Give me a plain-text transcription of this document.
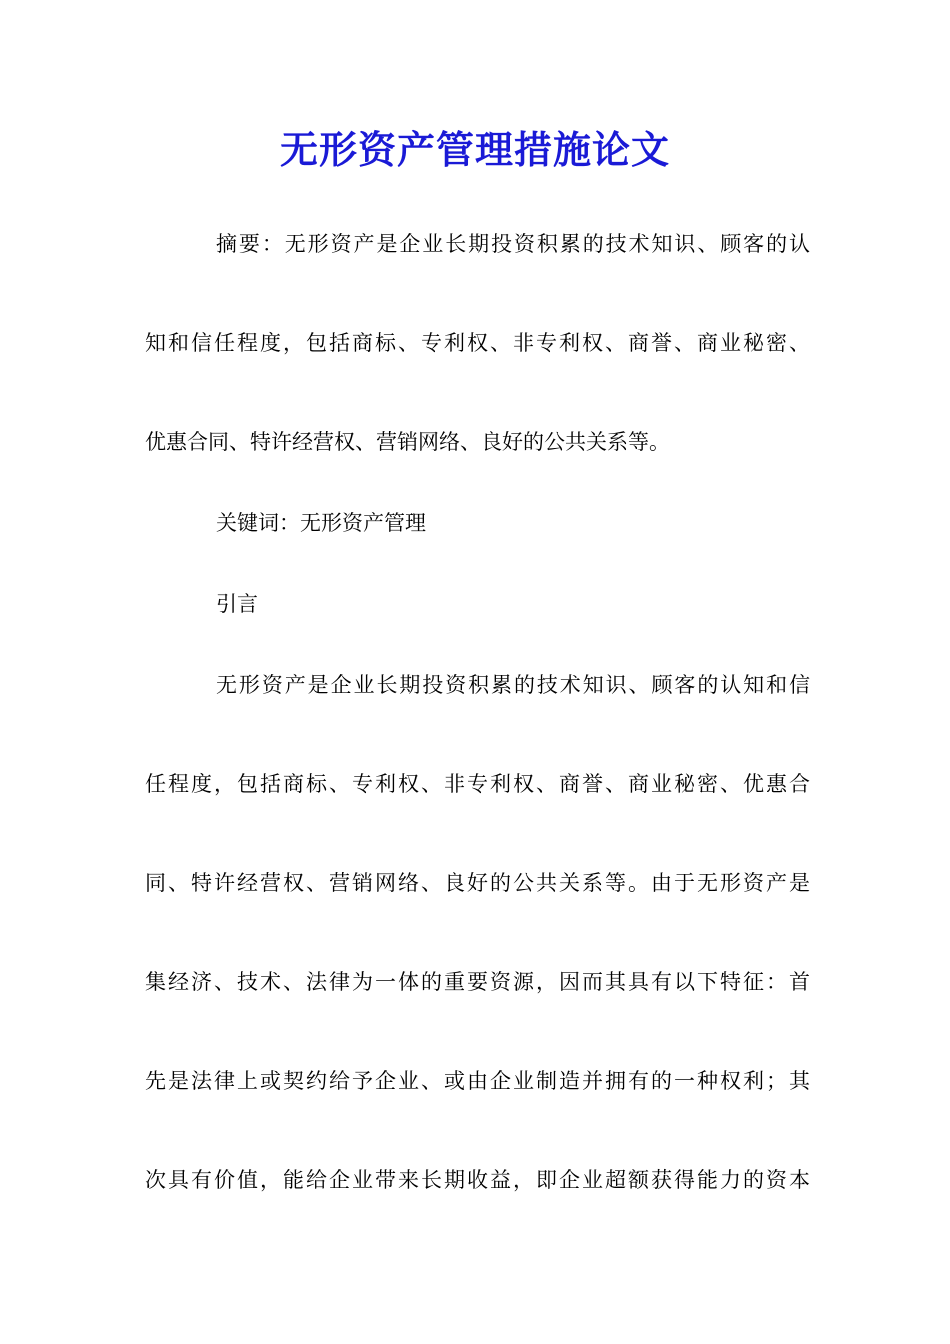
无形资产管理措施论文

摘要：无形资产是企业长期投资积累的技术知识、顾客的认

知和信任程度，包括商标、专利权、非专利权、商誉、商业秘密、

优惠合同、特许经营权、营销网络、良好的公共关系等。

关键词：无形资产管理

引言

无形资产是企业长期投资积累的技术知识、顾客的认知和信

任程度，包括商标、专利权、非专利权、商誉、商业秘密、优惠合

同、特许经营权、营销网络、良好的公共关系等。由于无形资产是

集经济、技术、法律为一体的重要资源，因而其具有以下特征：首

先是法律上或契约给予企业、或由企业制造并拥有的一种权利；其

次具有价值，能给企业带来长期收益，即企业超额获得能力的资本
